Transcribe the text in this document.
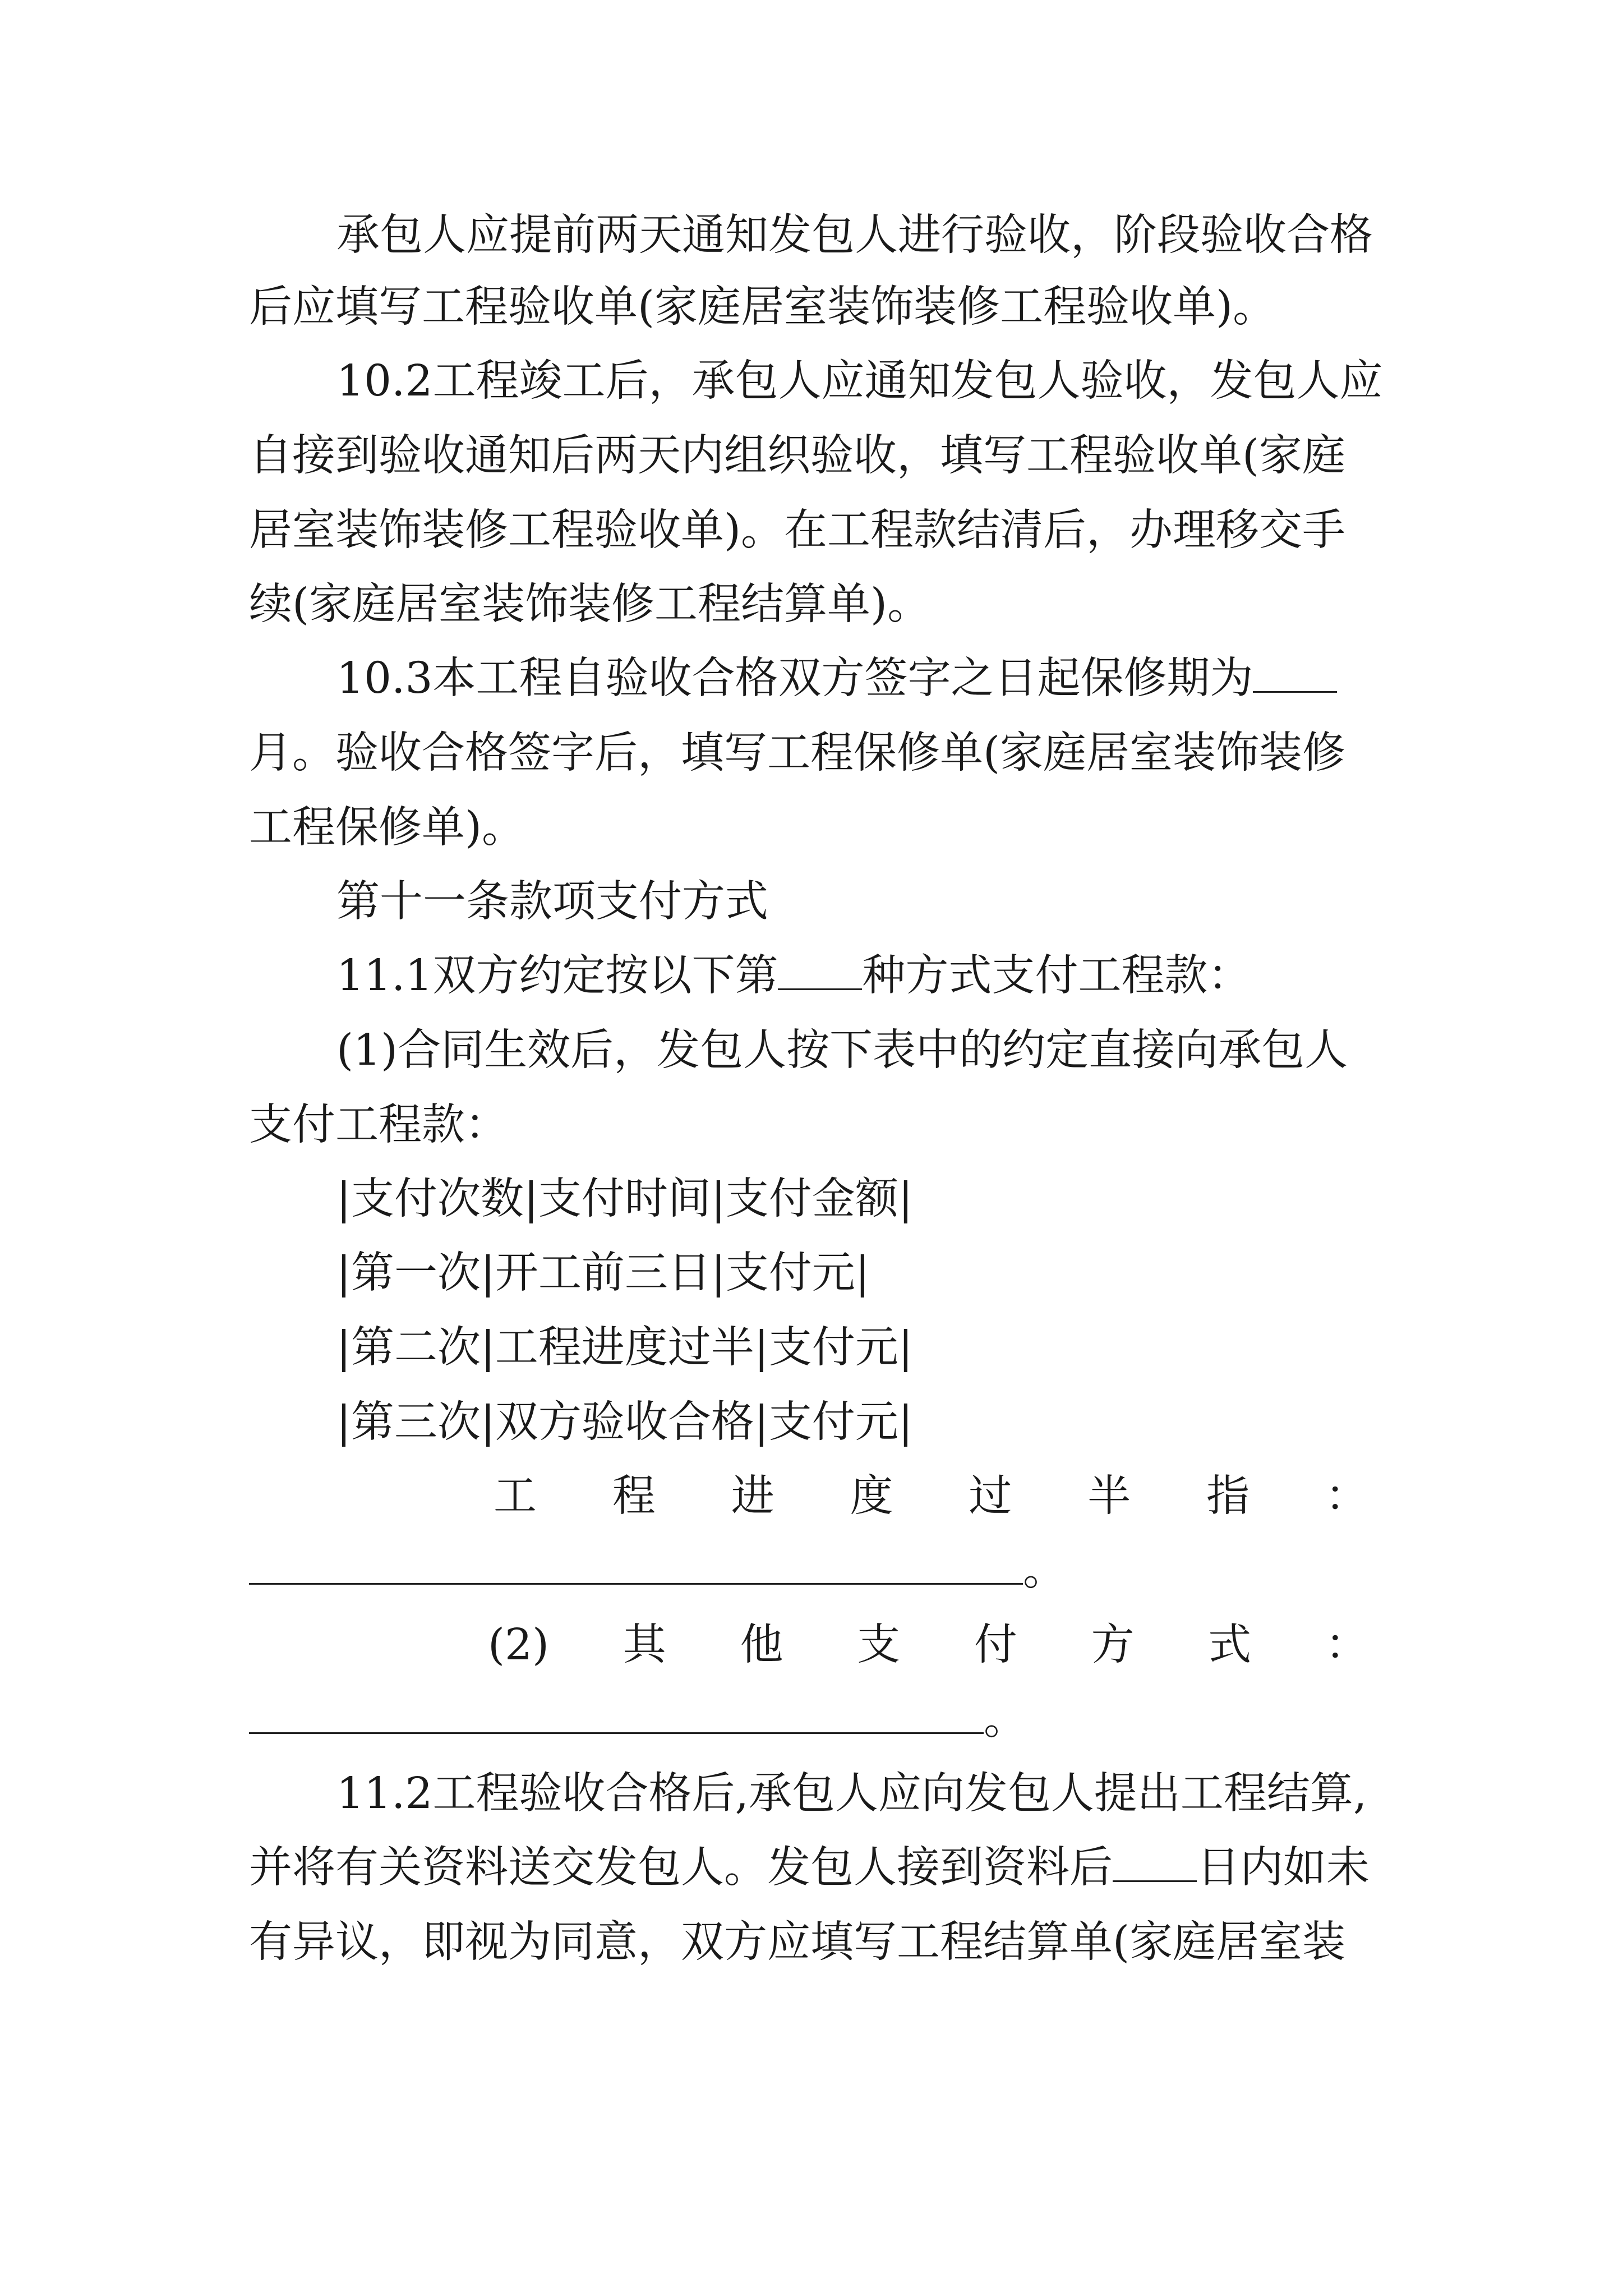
承包人应提前两天通知发包人进行验收，阶段验收合格
后应填写工程验收单(家庭居室装饰装修工程验收单)。
10.2工程竣工后，承包人应通知发包人验收，发包人应
自接到验收通知后两天内组织验收，填写工程验收单(家庭
居室装饰装修工程验收单)。在工程款结清后，办理移交手
续(家庭居室装饰装修工程结算单)。
10.3本工程自验收合格双方签字之日起保修期为
月。验收合格签字后，填写工程保修单(家庭居室装饰装修
工程保修单)。
第十一条款项支付方式
11.1双方约定按以下第 种方式支付工程款：
(1)合同生效后，发包人按下表中的约定直接向承包人
支付工程款：
|支付次数|支付时间|支付金额|
|第一次|开工前三日|支付元|
|第二次|工程进度过半|支付元|
|第三次|双方验收合格|支付元|
工 程 进 度 过 半 指 ：
。
(2) 其 他 支 付 方 式 ：
。
11.2工程验收合格后,承包人应向发包人提出工程结算,
并将有关资料送交发包人。发包人接到资料后 日内如未
有异议，即视为同意，双方应填写工程结算单(家庭居室装
